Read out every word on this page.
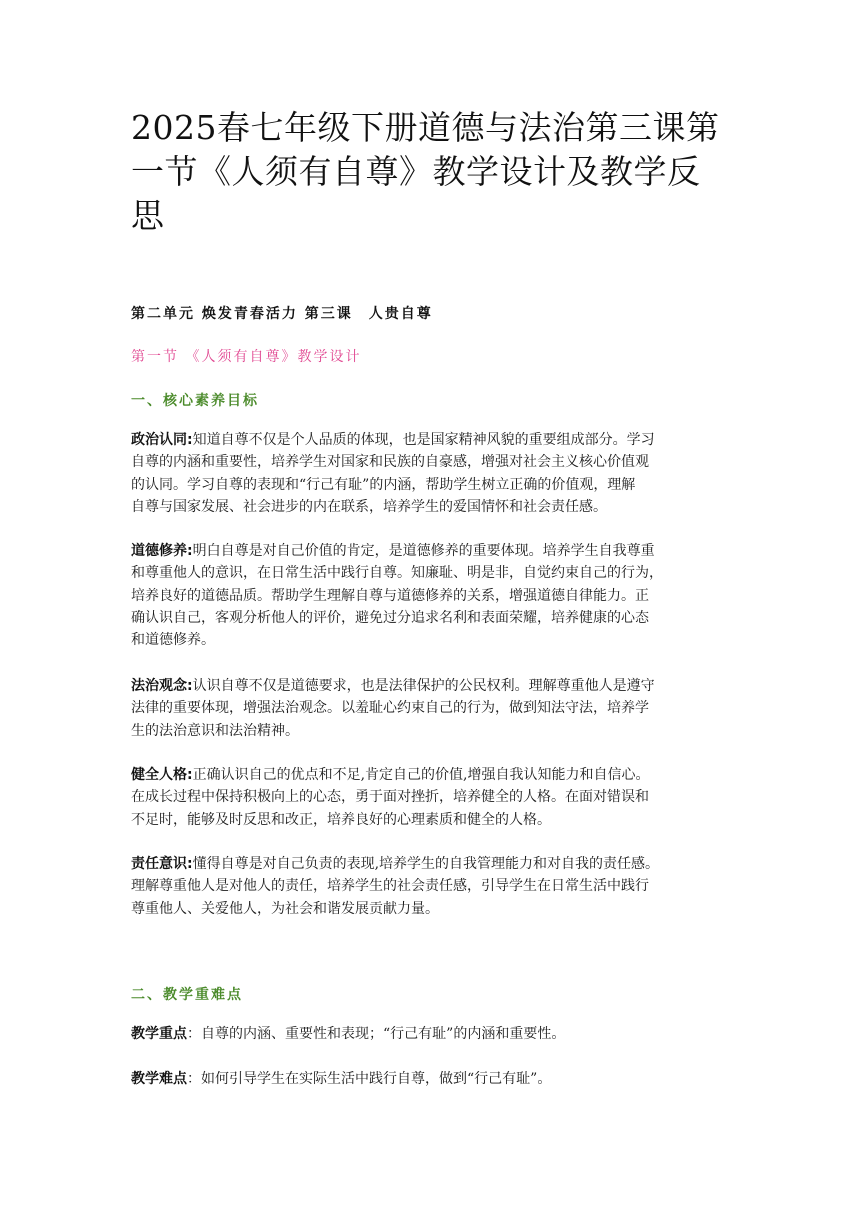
2025春七年级下册道德与法治第三课第
一节《人须有自尊》教学设计及教学反
思
第二单元 焕发青春活力 第三课　人贵自尊
第一节 《人须有自尊》教学设计
一、核心素养目标
政治认同:知道自尊不仅是个人品质的体现，也是国家精神风貌的重要组成部分。学习
自尊的内涵和重要性，培养学生对国家和民族的自豪感，增强对社会主义核心价值观
的认同。学习自尊的表现和“行己有耻”的内涵，帮助学生树立正确的价值观，理解
自尊与国家发展、社会进步的内在联系，培养学生的爱国情怀和社会责任感。
道德修养:明白自尊是对自己价值的肯定，是道德修养的重要体现。培养学生自我尊重
和尊重他人的意识，在日常生活中践行自尊。知廉耻、明是非，自觉约束自己的行为，
培养良好的道德品质。帮助学生理解自尊与道德修养的关系，增强道德自律能力。正
确认识自己，客观分析他人的评价，避免过分追求名利和表面荣耀，培养健康的心态
和道德修养。
法治观念:认识自尊不仅是道德要求，也是法律保护的公民权利。理解尊重他人是遵守
法律的重要体现，增强法治观念。以羞耻心约束自己的行为，做到知法守法，培养学
生的法治意识和法治精神。
健全人格:正确认识自己的优点和不足,肯定自己的价值,增强自我认知能力和自信心。
在成长过程中保持积极向上的心态，勇于面对挫折，培养健全的人格。在面对错误和
不足时，能够及时反思和改正，培养良好的心理素质和健全的人格。
责任意识:懂得自尊是对自己负责的表现,培养学生的自我管理能力和对自我的责任感。
理解尊重他人是对他人的责任，培养学生的社会责任感，引导学生在日常生活中践行
尊重他人、关爱他人，为社会和谐发展贡献力量。
二、教学重难点
教学重点：自尊的内涵、重要性和表现；“行己有耻”的内涵和重要性。
教学难点：如何引导学生在实际生活中践行自尊，做到“行己有耻”。
